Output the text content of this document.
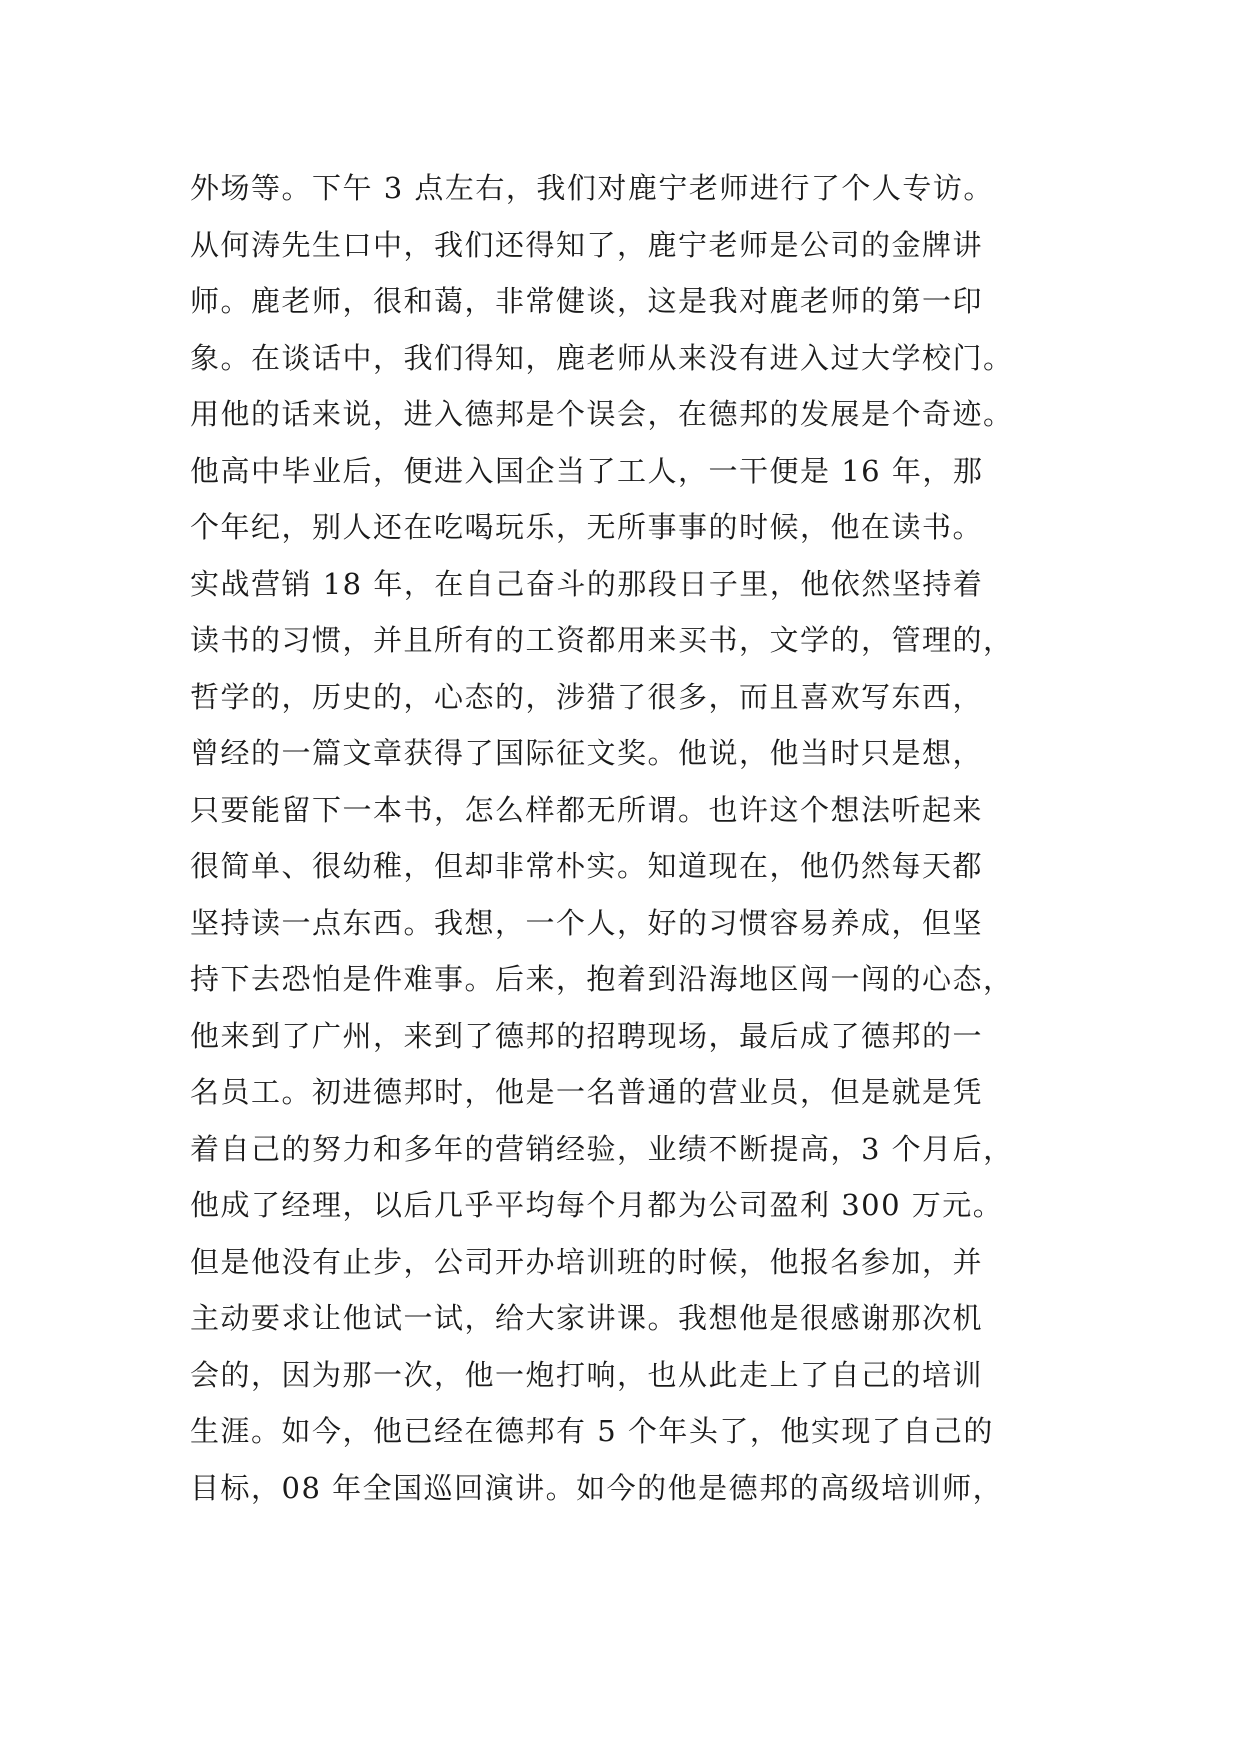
外场等。下午 3 点左右，我们对鹿宁老师进行了个人专访。
从何涛先生口中，我们还得知了，鹿宁老师是公司的金牌讲
师。鹿老师，很和蔼，非常健谈，这是我对鹿老师的第一印
象。在谈话中，我们得知，鹿老师从来没有进入过大学校门。
用他的话来说，进入德邦是个误会，在德邦的发展是个奇迹。
他高中毕业后，便进入国企当了工人，一干便是 16 年，那
个年纪，别人还在吃喝玩乐，无所事事的时候，他在读书。
实战营销 18 年，在自己奋斗的那段日子里，他依然坚持着
读书的习惯，并且所有的工资都用来买书，文学的，管理的，
哲学的，历史的，心态的，涉猎了很多，而且喜欢写东西，
曾经的一篇文章获得了国际征文奖。他说，他当时只是想，
只要能留下一本书，怎么样都无所谓。也许这个想法听起来
很简单、很幼稚，但却非常朴实。知道现在，他仍然每天都
坚持读一点东西。我想，一个人，好的习惯容易养成，但坚
持下去恐怕是件难事。后来，抱着到沿海地区闯一闯的心态，
他来到了广州，来到了德邦的招聘现场，最后成了德邦的一
名员工。初进德邦时，他是一名普通的营业员，但是就是凭
着自己的努力和多年的营销经验，业绩不断提高，3 个月后，
他成了经理，以后几乎平均每个月都为公司盈利 300 万元。
但是他没有止步，公司开办培训班的时候，他报名参加，并
主动要求让他试一试，给大家讲课。我想他是很感谢那次机
会的，因为那一次，他一炮打响，也从此走上了自己的培训
生涯。如今，他已经在德邦有 5 个年头了，他实现了自己的
目标，08 年全国巡回演讲。如今的他是德邦的高级培训师，
